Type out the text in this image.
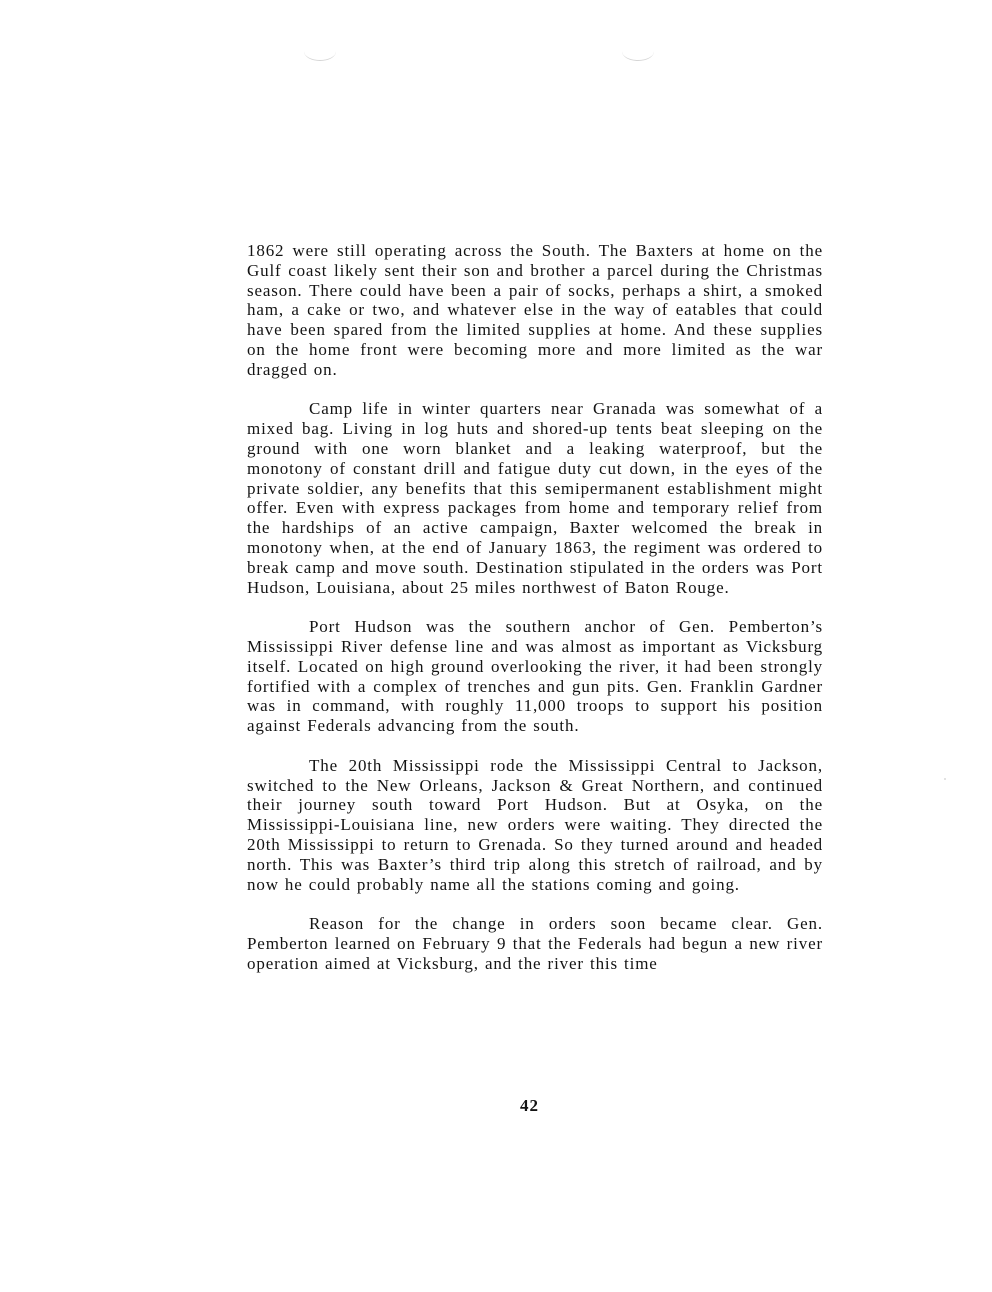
1862 were still operating across the South. The Baxters at home on the Gulf coast likely sent their son and brother a parcel during the Christmas season. There could have been a pair of socks, perhaps a shirt, a smoked ham, a cake or two, and whatever else in the way of eatables that could have been spared from the limited supplies at home. And these supplies on the home front were becoming more and more limited as the war dragged on.

Camp life in winter quarters near Granada was somewhat of a mixed bag. Living in log huts and shored-up tents beat sleeping on the ground with one worn blanket and a leaking waterproof, but the monotony of constant drill and fatigue duty cut down, in the eyes of the private soldier, any benefits that this semipermanent establishment might offer. Even with express packages from home and temporary relief from the hardships of an active campaign, Baxter welcomed the break in monotony when, at the end of January 1863, the regiment was ordered to break camp and move south. Destination stipulated in the orders was Port Hudson, Louisiana, about 25 miles northwest of Baton Rouge.

Port Hudson was the southern anchor of Gen. Pemberton’s Mississippi River defense line and was almost as important as Vicksburg itself. Located on high ground overlooking the river, it had been strongly fortified with a complex of trenches and gun pits. Gen. Franklin Gardner was in command, with roughly 11,000 troops to support his position against Federals advancing from the south.

The 20th Mississippi rode the Mississippi Central to Jackson, switched to the New Orleans, Jackson & Great Northern, and continued their journey south toward Port Hudson. But at Osyka, on the Mississippi-Louisiana line, new orders were waiting. They directed the 20th Mississippi to return to Grenada. So they turned around and headed north. This was Baxter’s third trip along this stretch of railroad, and by now he could probably name all the stations coming and going.

Reason for the change in orders soon became clear. Gen. Pemberton learned on February 9 that the Federals had begun a new river operation aimed at Vicksburg, and the river this time

42
